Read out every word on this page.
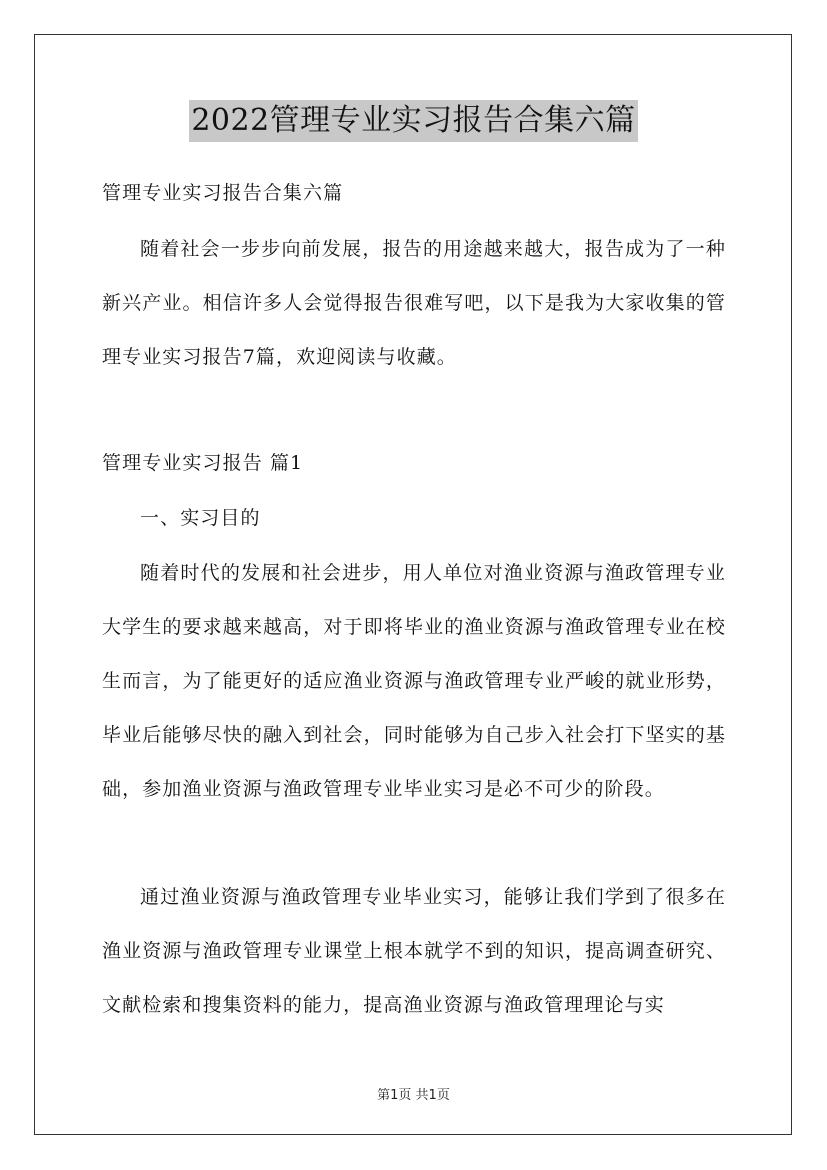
2022管理专业实习报告合集六篇
管理专业实习报告合集六篇
随着社会一步步向前发展，报告的用途越来越大，报告成为了一种新兴产业。相信许多人会觉得报告很难写吧，以下是我为大家收集的管理专业实习报告7篇，欢迎阅读与收藏。
管理专业实习报告 篇1
一、实习目的
随着时代的发展和社会进步，用人单位对渔业资源与渔政管理专业大学生的要求越来越高，对于即将毕业的渔业资源与渔政管理专业在校生而言，为了能更好的适应渔业资源与渔政管理专业严峻的就业形势，毕业后能够尽快的融入到社会，同时能够为自己步入社会打下坚实的基础，参加渔业资源与渔政管理专业毕业实习是必不可少的阶段。
通过渔业资源与渔政管理专业毕业实习，能够让我们学到了很多在渔业资源与渔政管理专业课堂上根本就学不到的知识，提高调查研究、文献检索和搜集资料的能力，提高渔业资源与渔政管理理论与实
第1页 共1页
